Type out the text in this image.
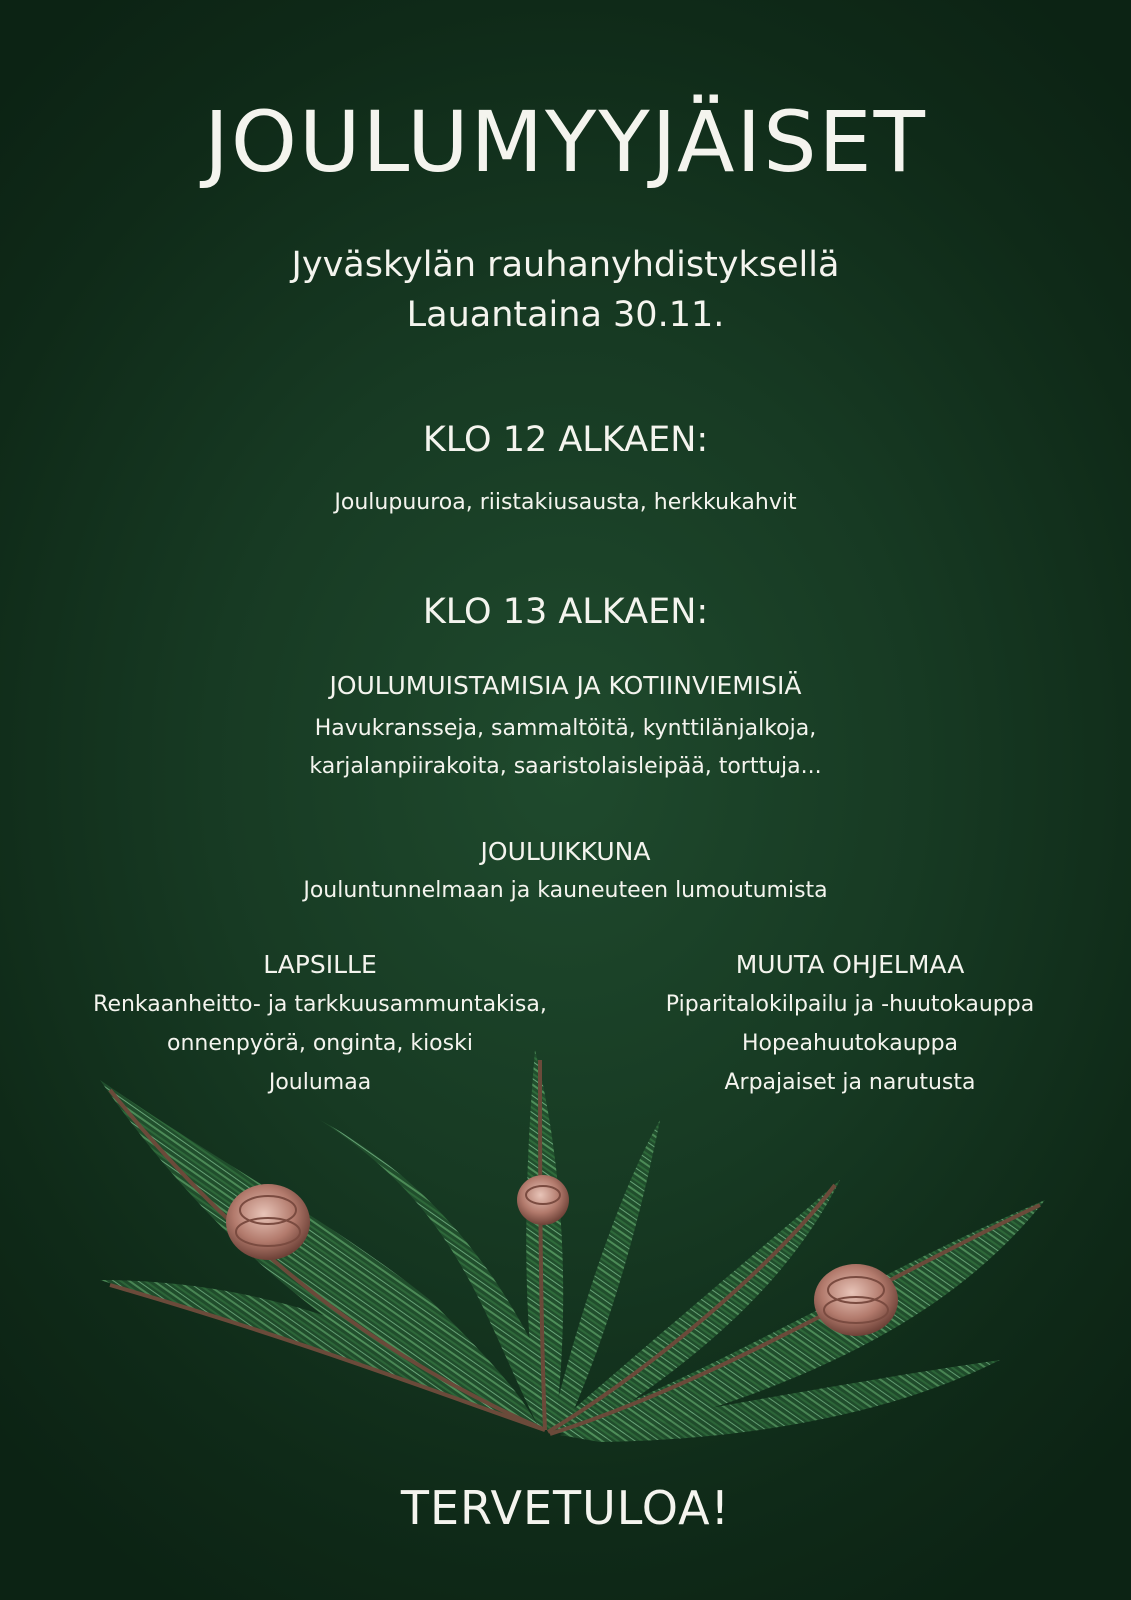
JOULUMYYJÄISET
Jyväskylän rauhanyhdistyksellä
Lauantaina 30.11.
KLO 12 ALKAEN:
Joulupuuroa, riistakiusausta, herkkukahvit
KLO 13 ALKAEN:
JOULUMUISTAMISIA JA KOTIINVIEMISIÄ
Havukransseja, sammaltöitä, kynttilänjalkoja,
karjalanpiirakoita, saaristolaisleipää, torttuja...
JOULUIKKUNA
Jouluntunnelmaan ja kauneuteen lumoutumista
LAPSILLE
Renkaanheitto- ja tarkkuusammuntakisa,
onnenpyörä, onginta, kioski
Joulumaa
MUUTA OHJELMAA
Piparitalokilpailu ja -huutokauppa
Hopeahuutokauppa
Arpajaiset ja narutusta
TERVETULOA!
